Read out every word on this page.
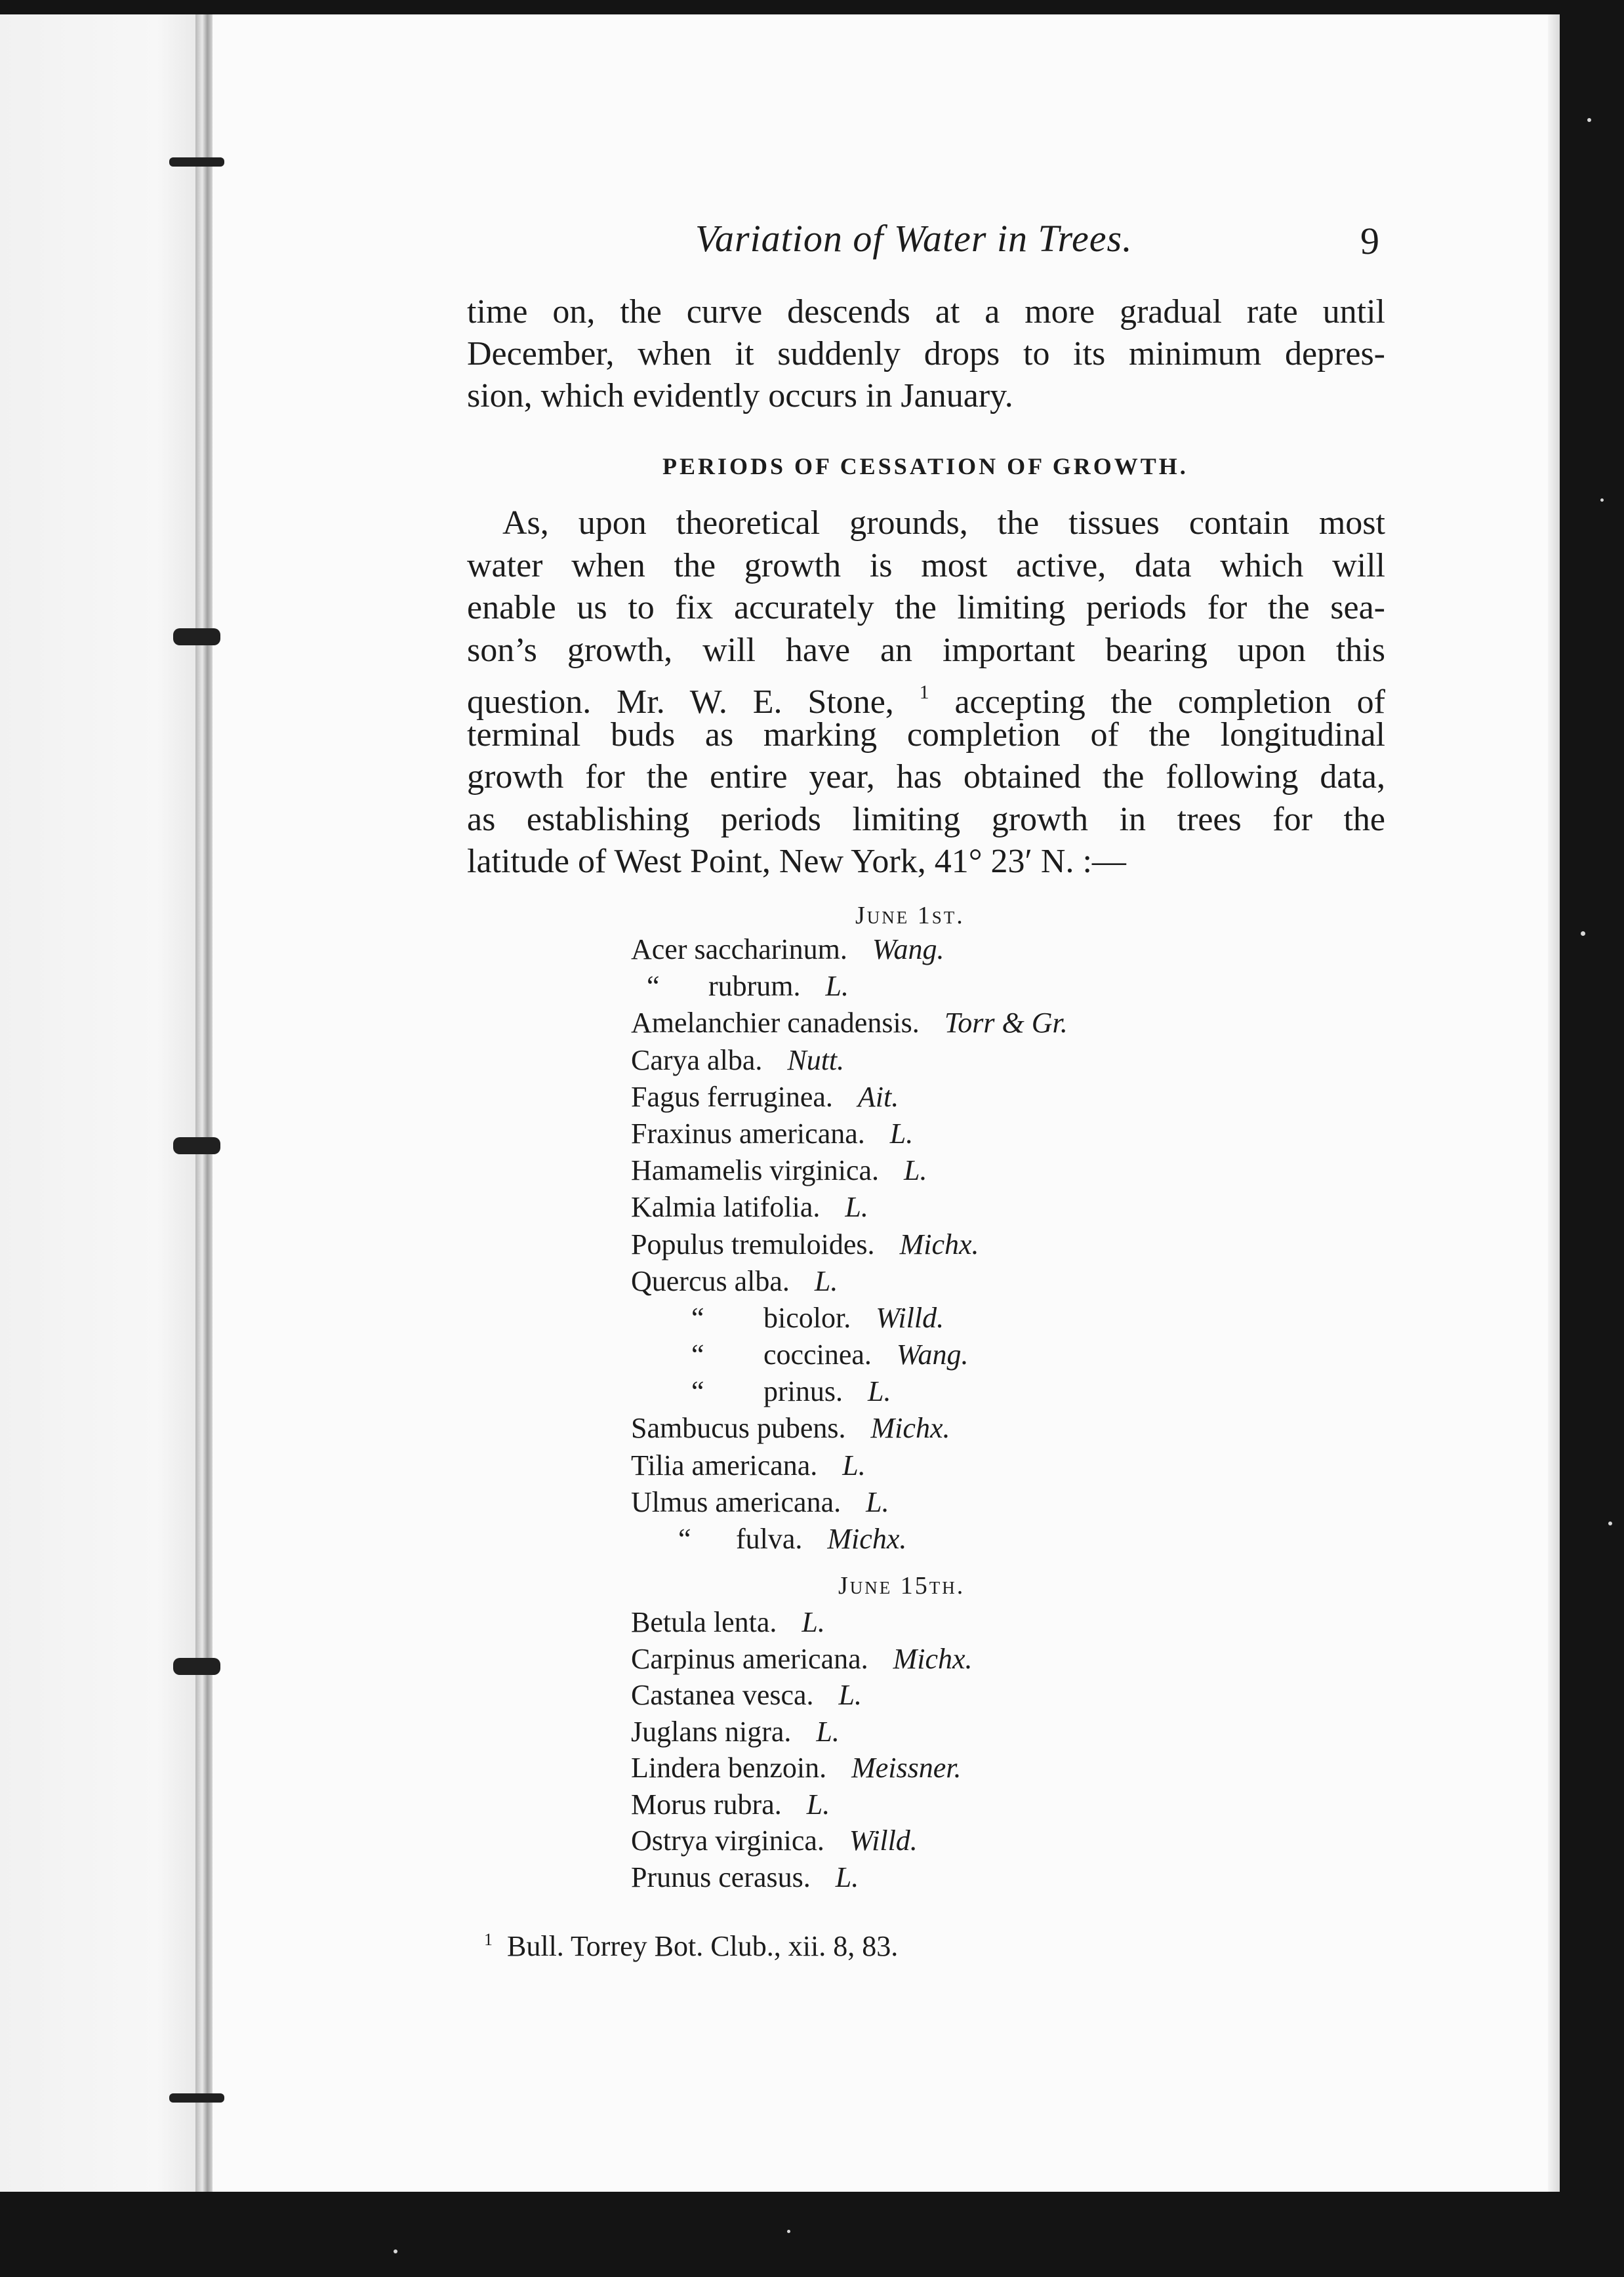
Variation of Water in Trees.	9
time on, the curve descends at a more gradual rate until
December, when it suddenly drops to its minimum depres-
sion, which evidently occurs in January.
PERIODS OF CESSATION OF GROWTH.
As, upon theoretical grounds, the tissues contain most
water when the growth is most active, data which will
enable us to fix accurately the limiting periods for the sea-
son’s growth, will have an important bearing upon this
question. Mr. W. E. Stone, $^1$ accepting the completion of
terminal buds as marking completion of the longitudinal
growth for the entire year, has obtained the following data,
as establishing periods limiting growth in trees for the
latitude of West Point, New York, 41° 23′ N. :—
June 1st.
Acer saccharinum. Wang.
“ rubrum. L.
Amelanchier canadensis. Torr & Gr.
Carya alba. Nutt.
Fagus ferruginea. Ait.
Fraxinus americana. L.
Hamamelis virginica. L.
Kalmia latifolia. L.
Populus tremuloides. Michx.
Quercus alba. L.
“ bicolor. Willd.
“ coccinea. Wang.
“ prinus. L.
Sambucus pubens. Michx.
Tilia americana. L.
Ulmus americana. L.
“ fulva. Michx.
June 15th.
Betula lenta. L.
Carpinus americana. Michx.
Castanea vesca. L.
Juglans nigra. L.
Lindera benzoin. Meissner.
Morus rubra. L.
Ostrya virginica. Willd.
Prunus cerasus. L.
$^1$ Bull. Torrey Bot. Club., xii. 8, 83.
